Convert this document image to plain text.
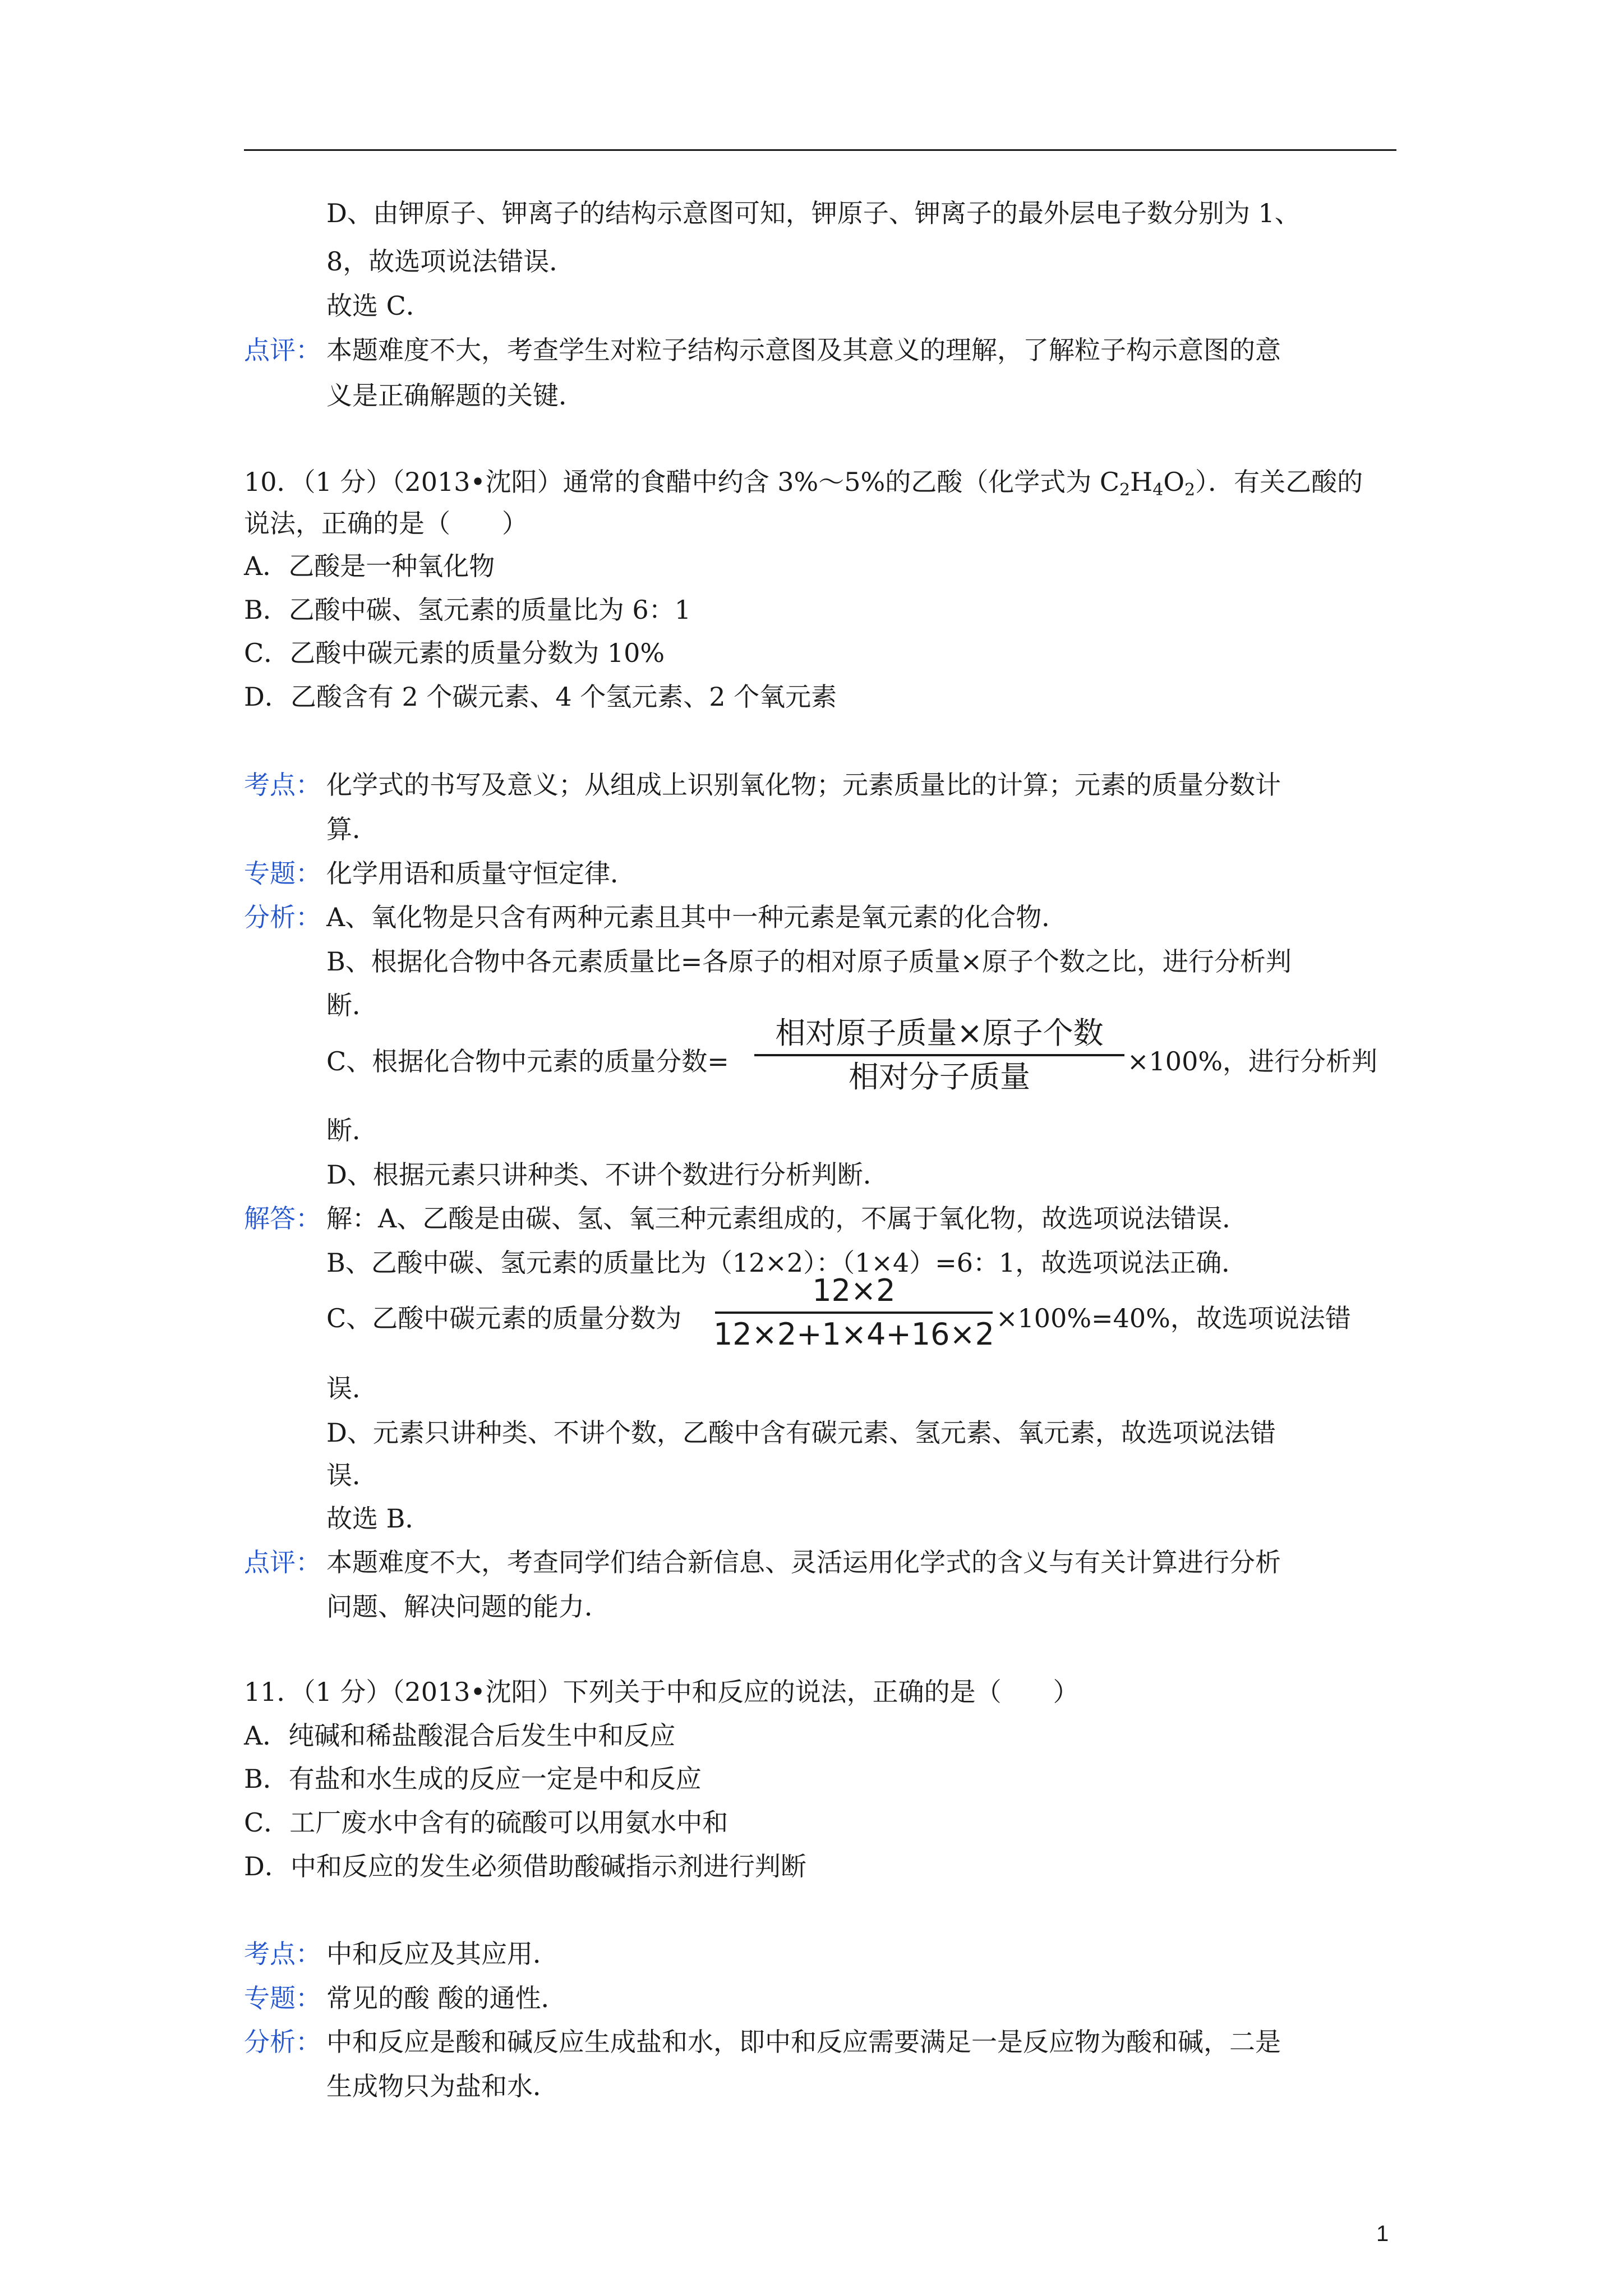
D、由钾原子、钾离子的结构示意图可知，钾原子、钾离子的最外层电子数分别为 1、
8，故选项说法错误．
故选 C．
点评： 本题难度不大，考查学生对粒子结构示意图及其意义的理解，了解粒子构示意图的意
义是正确解题的关键．
10．（1 分）（2013•沈阳）通常的食醋中约含 3%～5%的乙酸（化学式为 $C_2H_4O_2$）．有关乙酸的
说法，正确的是（　　）
A．乙酸是一种氧化物
B．乙酸中碳、氢元素的质量比为 6：1
C．乙酸中碳元素的质量分数为 10%
D．乙酸含有 2 个碳元素、4 个氢元素、2 个氧元素
考点： 化学式的书写及意义；从组成上识别氧化物；元素质量比的计算；元素的质量分数计
算．
专题： 化学用语和质量守恒定律．
分析： A、氧化物是只含有两种元素且其中一种元素是氧元素的化合物．
B、根据化合物中各元素质量比=各原子的相对原子质量×原子个数之比，进行分析判
断．
C、根据化合物中元素的质量分数=
相对原子质量×原子个数
相对分子质量	×100%，进行分析判
断．
D、根据元素只讲种类、不讲个数进行分析判断．
解答： 解：A、乙酸是由碳、氢、氧三种元素组成的，不属于氧化物，故选项说法错误．
B、乙酸中碳、氢元素的质量比为（12×2）：（1×4）=6：1，故选项说法正确．
C、乙酸中碳元素的质量分数为
12×2
12×2+1×4+16×2 ×100%=40%，故选项说法错
误．
D、元素只讲种类、不讲个数，乙酸中含有碳元素、氢元素、氧元素，故选项说法错
误．
故选 B．
点评： 本题难度不大，考查同学们结合新信息、灵活运用化学式的含义与有关计算进行分析
问题、解决问题的能力．
11．（1 分）（2013•沈阳）下列关于中和反应的说法，正确的是（　　）
A．纯碱和稀盐酸混合后发生中和反应
B．有盐和水生成的反应一定是中和反应
C．工厂废水中含有的硫酸可以用氨水中和
D．中和反应的发生必须借助酸碱指示剂进行判断
考点： 中和反应及其应用．
专题： 常见的酸 酸的通性．
分析： 中和反应是酸和碱反应生成盐和水，即中和反应需要满足一是反应物为酸和碱，二是
生成物只为盐和水．
1
